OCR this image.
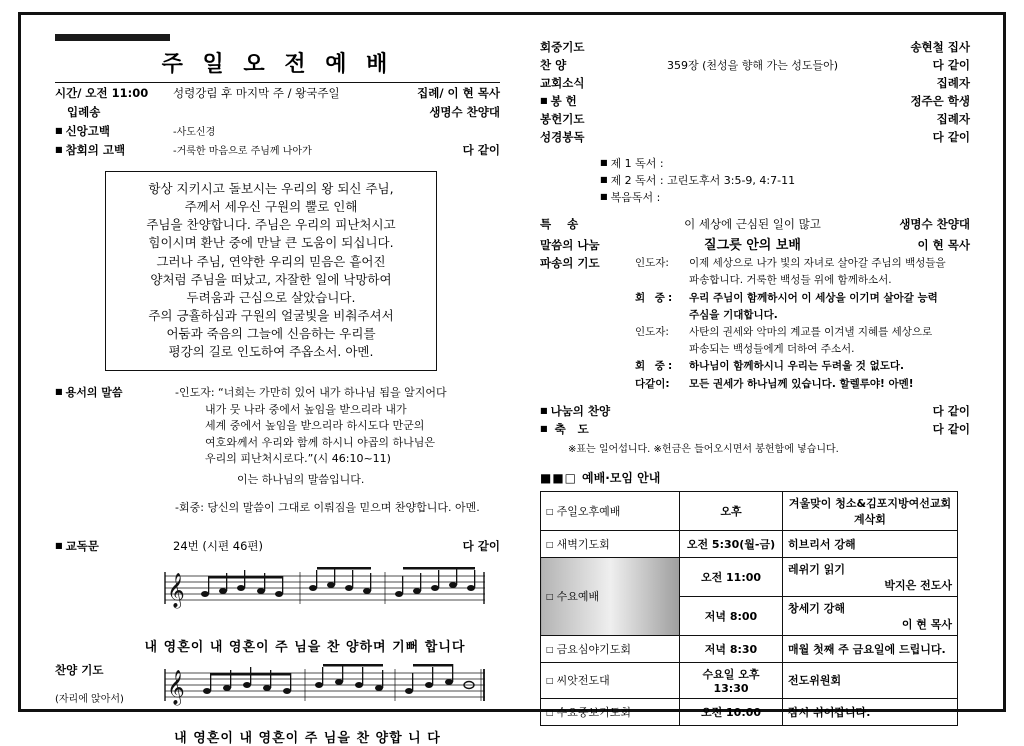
주 일 오 전 예 배
시간/ 오전 11:00	성령강림 후 마지막 주 / 왕국주일	집례/ 이 현 목사
입례송	생명수 찬양대
■ 신앙고백	-사도신경
■ 참회의 고백	-거룩한 마음으로 주님께 나아가	다 같이
항상 지키시고 돌보시는 우리의 왕 되신 주님,
주께서 세우신 구원의 뿔로 인해
주님을 찬양합니다. 주님은 우리의 피난처시고
힘이시며 환난 중에 만날 큰 도움이 되십니다.
그러나 주님, 연약한 우리의 믿음은 흩어진
양처럼 주님을 떠났고, 자잘한 일에 낙망하여
두려움과 근심으로 살았습니다.
주의 긍휼하심과 구원의 얼굴빛을 비춰주셔서
어둠과 죽음의 그늘에 신음하는 우리를
평강의 길로 인도하여 주옵소서. 아멘.
■ 용서의 말씀	-인도자: “너희는 가만히 있어 내가 하나님 됨을 알지어다
내가 뭇 나라 중에서 높임을 받으리라 내가
세계 중에서 높임을 받으리라 하시도다 만군의
여호와께서 우리와 함께 하시니 야곱의 하나님은
우리의 피난처시로다.”(시 46:10~11)
이는 하나님의 말씀입니다.
-회중: 당신의 말씀이 그대로 이뤄짐을 믿으며 찬양합니다. 아멘.
■ 교독문	24번 (시편 46편)	다 같이
𝄞
내 영혼이 내 영혼이 주 님을 찬 양하며 기뻐 합니다
찬양 기도
(자리에 앉아서)	𝄞
내 영혼이 내 영혼이 주 님을 찬 양합 니 다
회중기도	송현철 집사
찬 양	359장 (천성을 향해 가는 성도들아)	다 같이
교회소식	집례자
■ 봉 헌	정주은 학생
봉헌기도	집례자
성경봉독	다 같이
■ 제 1 독서 :
■ 제 2 독서 : 고린도후서 3:5-9, 4:7-11
■ 복음독서 :
특 송	이 세상에 근심된 일이 많고	생명수 찬양대
말씀의 나눔	질그릇 안의 보배	이 현 목사
파송의 기도	인도자:	이제 세상으로 나가 빛의 자녀로 살아갈 주님의 백성들을
파송합니다. 거룩한 백성들 위에 함께하소서.
회 중:	우리 주님이 함께하시어 이 세상을 이기며 살아갈 능력
주심을 기대합니다.
인도자:	사탄의 권세와 악마의 계교를 이겨낼 지혜를 세상으로
파송되는 백성들에게 더하여 주소서.
회 중:	하나님이 함께하시니 우리는 두려울 것 없도다.
다같이:	모든 권세가 하나님께 있습니다. 할렐루야! 아멘!
■ 나눔의 찬양	다 같이
■ 축 도	다 같이
※표는 일어섭니다. ※헌금은 들어오시면서 봉헌함에 넣습니다.
■■□ 예배·모임 안내
□ 주일오후예배	오후	겨울맞이 청소&김포지방여선교회계삭회
□ 새벽기도회	오전 5:30(월-금)	히브리서 강해
□ 수요예배	오전 11:00	레위기 읽기
박지은 전도사

	저녁 8:00	창세기 강해
이 현 목사

□ 금요심야기도회	저녁 8:30	매월 첫째 주 금요일에 드립니다.
□ 씨앗전도대	수요일 오후 13:30	전도위원회
□ 수요중보기도회	오전 10:00	잠시 쉬어갑니다.
